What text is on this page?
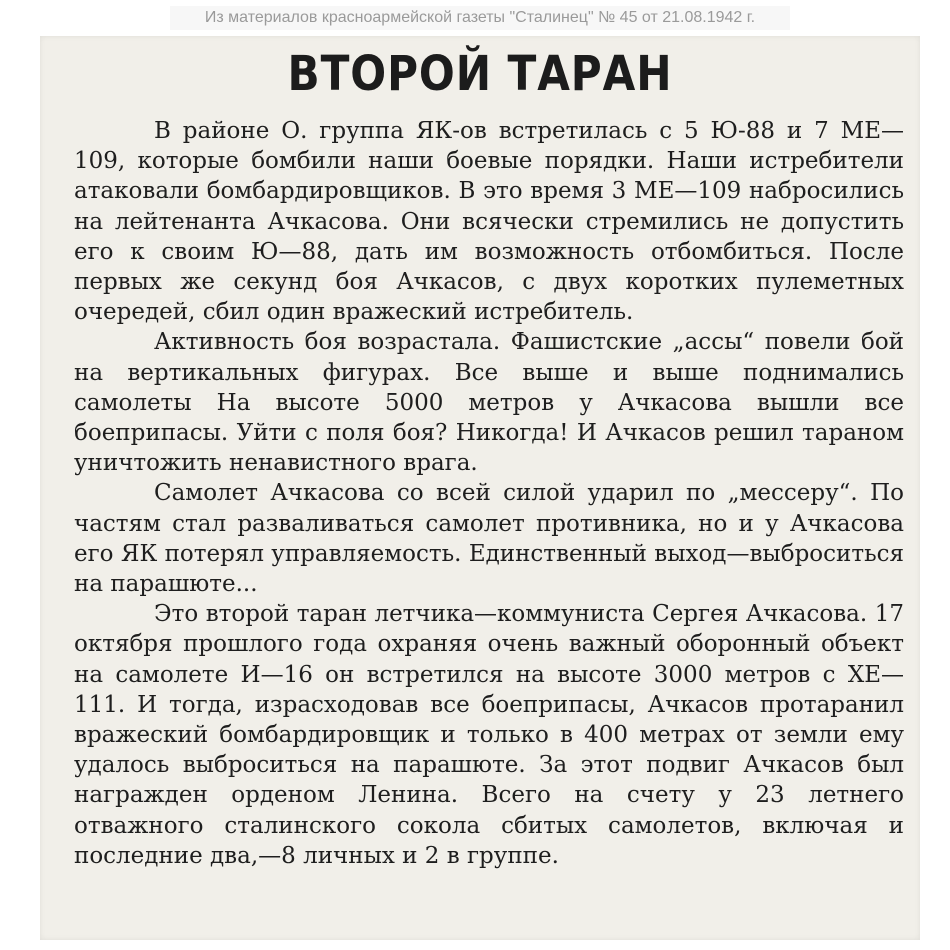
Из материалов красноармейской газеты "Сталинец" № 45 от 21.08.1942 г.
ВТОРОЙ ТАРАН

В районе О. группа ЯК-ов встретилась с 5 Ю-88 и 7 МЕ—109, которые бомбили наши боевые порядки. Наши истребители атаковали бомбардировщиков. В это время 3 МЕ—109 набросились на лейтенанта Ачкасова. Они всячески стремились не допустить его к своим Ю—88, дать им возможность отбомбиться. После первых же секунд боя Ачкасов, с двух коротких пулеметных очередей, сбил один вражеский истребитель.

Активность боя возрастала. Фашистские „ассы“ повели бой на вертикальных фигурах. Все выше и выше поднимались самолеты На высоте 5000 метров у Ачкасова вышли все боеприпасы. Уйти с поля боя? Никогда! И Ачкасов решил тараном уничтожить ненавистного врага.

Самолет Ачкасова со всей силой ударил по „мессеру“. По частям стал разваливаться самолет противника, но и у Ачкасова его ЯК потерял управляемость. Единственный выход—выброситься на парашюте...

Это второй таран летчика—коммуниста Сергея Ачкасова. 17 октября прошлого года охраняя очень важный оборонный объект на самолете И—16 он встретился на высоте 3000 метров с ХЕ—111. И тогда, израсходовав все боеприпасы, Ачкасов протаранил вражеский бомбардировщик и только в 400 метрах от земли ему удалось выброситься на парашюте. За этот подвиг Ачкасов был награжден орденом Ленина. Всего на счету у 23 летнего отважного сталинского сокола сбитых самолетов, включая и последние два,—8 личных и 2 в группе.
